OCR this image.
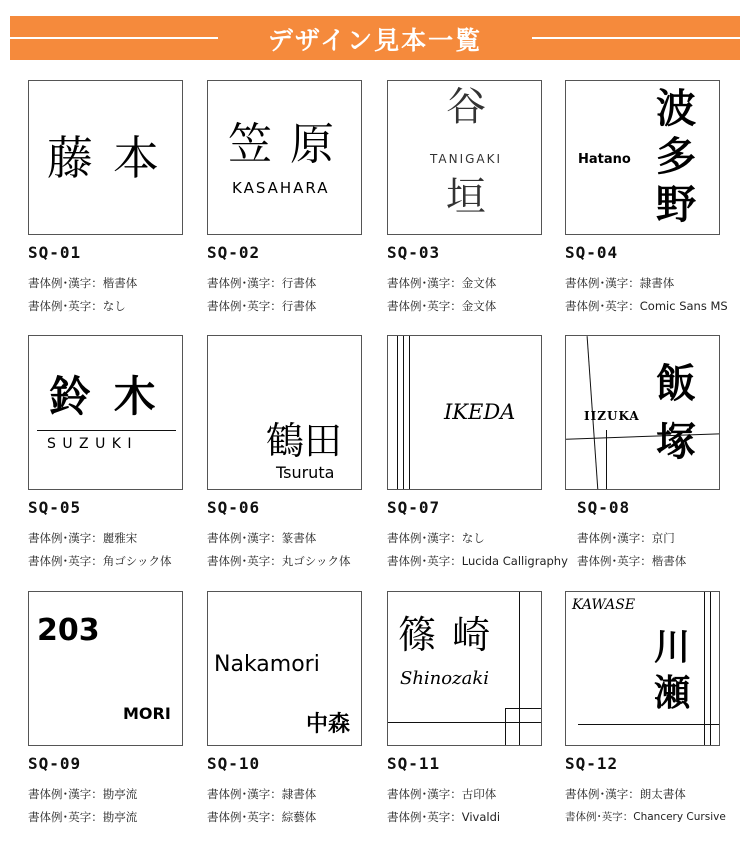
デザイン見本一覧
藤 本
SQ-01
書体例･漢字：楷書体
書体例･英字：なし
笠 原
KASAHARA
SQ-02
書体例･漢字：行書体
書体例･英字：行書体
谷
TANIGAKI
垣
SQ-03
書体例･漢字：金文体
書体例･英字：金文体
Hatano
波
多
野
SQ-04
書体例･漢字：隷書体
書体例･英字：Comic Sans MS
鈴 木
S U Z U K I
SQ-05
書体例･漢字：麗雅宋
書体例･英字：角ゴシック体
鶴田
Tsuruta
SQ-06
書体例･漢字：篆書体
書体例･英字：丸ゴシック体
IKEDA
SQ-07
書体例･漢字：なし
書体例･英字：Lucida Calligraphy
IIZUKA
飯
塚
SQ-08
書体例･漢字：京门
書体例･英字：楷書体
203
MORI
SQ-09
書体例･漢字：勘亭流
書体例･英字：勘亭流
Nakamori
中森
SQ-10
書体例･漢字：隷書体
書体例･英字：綜藝体
篠 崎
Shinozaki
SQ-11
書体例･漢字：古印体
書体例･英字：Vivaldi
KAWASE
川
瀬
SQ-12
書体例･漢字：朗太書体
書体例･英字：Chancery Cursive
